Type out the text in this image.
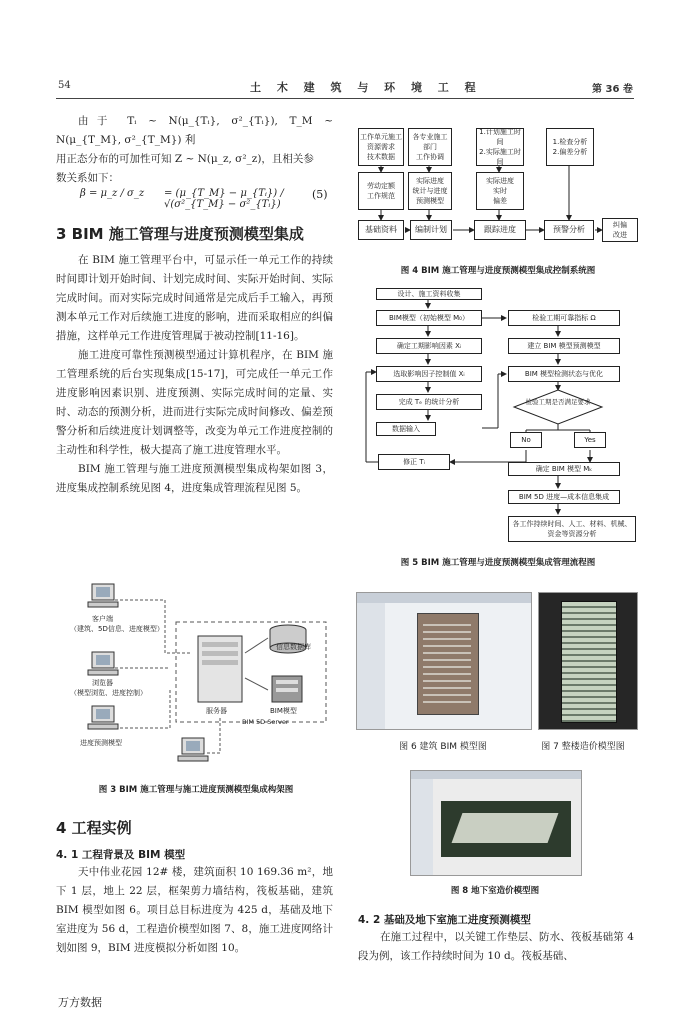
54	土 木 建 筑 与 环 境 工 程	第 36 卷

由于 Tᵢ ~ N(μ_{Tᵢ}, σ²_{Tᵢ}), T_M ~ N(μ_{T_M}, σ²_{T_M}) 利

用正态分布的可加性可知 Z ~ N(μ_z, σ²_z)，且相关参

数关系如下：

β = μ_z / σ_z = (μ_{T_M} − μ_{Tᵢ}) / √(σ²_{T_M} − σ²_{Tᵢ})
(5)
3 BIM 施工管理与进度预测模型集成

在 BIM 施工管理平台中，可显示任一单元工作的持续时间即计划开始时间、计划完成时间、实际开始时间、实际完成时间。而对实际完成时间通常是完成后手工输入，再预测本单元工作对后续施工进度的影响，进而采取相应的纠偏措施，这样单元工作进度管理属于被动控制[11-16]。

施工进度可靠性预测模型通过计算机程序，在 BIM 施工管理系统的后台实现集成[15-17]，可完成任一单元工作进度影响因素识别、进度预测、实际完成时间的定量、实时、动态的预测分析，进而进行实际完成时间修改、偏差预警分析和后续进度计划调整等，改变为单元工作进度控制的主动性和科学性，极大提高了施工进度管理水平。

BIM 施工管理与施工进度预测模型集成构架如图 3，进度集成控制系统见图 4，进度集成管理流程见图 5。

客户端
（建筑、5D信息、进度模型）
浏览器
（模型浏览、进度控制）
进度预测模型
信息数据库
服务器	BIM模型
BIM 5D Server
图 3 BIM 施工管理与施工进度预测模型集成构架图
4 工程实例
4. 1 工程背景及 BIM 模型

天中伟业花园 12# 楼，建筑面积 10 169.36 m²，地下 1 层，地上 22 层，框架剪力墙结构，筏板基础，建筑 BIM 模型如图 6。项目总目标进度为 425 d，基础及地下室进度为 56 d，工程造价模型如图 7、8，施工进度网络计划如图 9，BIM 进度模拟分析如图 10。

工作单元施工
资源需求
技术数据
各专业施工
部门
工作协调
1.计划施工时间
2.实际施工时间
1.检查分析
2.偏差分析
劳动定额
工作规范
实际进度
统计与进度
预测模型
实际进度
实时
偏差
基础资料	编制计划	跟踪进度	预警分析	纠偏
改进
图 4 BIM 施工管理与进度预测模型集成控制系统图
设计、施工资料收集
BIM模型（初始模型 M₀）	检验工期可靠指标 Ω
确定工期影响因素 Xᵢ	建立 BIM 模型预测模型
选取影响因子控制值 Xᵢ	BIM 模型检测状态与优化
完成 Tₑ 的统计分析	检验工期是否满足要求
数据输入
No	Yes
修正 Tᵢ
确定 BIM 模型 Mₖ
BIM 5D 进度—成本信息集成
各工作持续时间、人工、材料、机械、资金等资源分析
图 5 BIM 施工管理与进度预测模型集成管理流程图
图 6 建筑 BIM 模型图	图 7 整楼造价模型图
图 8 地下室造价模型图
4. 2 基础及地下室施工进度预测模型

在施工过程中，以关键工作垫层、防水、筏板基础第 4 段为例，该工作持续时间为 10 d。筏板基础、

万方数据
